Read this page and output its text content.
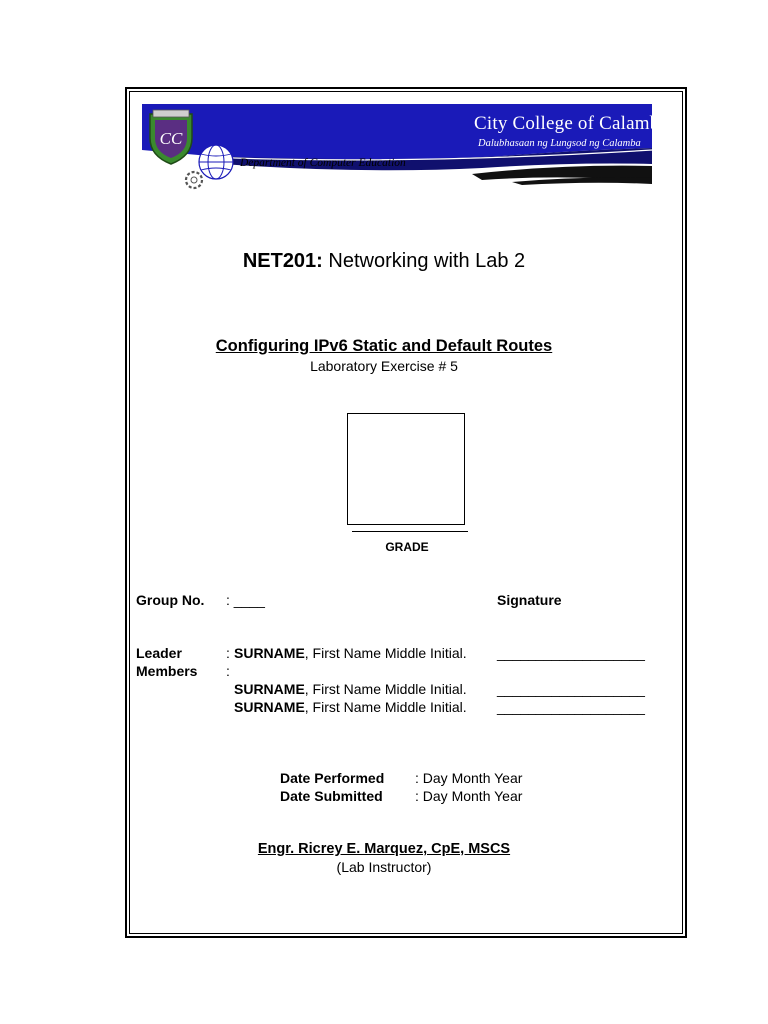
CC
City College of Calamba
Dalubhasaan ng Lungsod ng Calamba
Department of Computer Education
NET201: Networking with Lab 2
Configuring IPv6 Static and Default Routes
Laboratory Exercise # 5
GRADE
Group No. : ____	Signature
Leader
Members
:
:
SURNAME, First Name Middle Initial. ___________________
SURNAME, First Name Middle Initial. ___________________
SURNAME, First Name Middle Initial. ___________________
Date Performed : Day Month Year
Date Submitted : Day Month Year
Engr. Ricrey E. Marquez, CpE, MSCS
(Lab Instructor)
